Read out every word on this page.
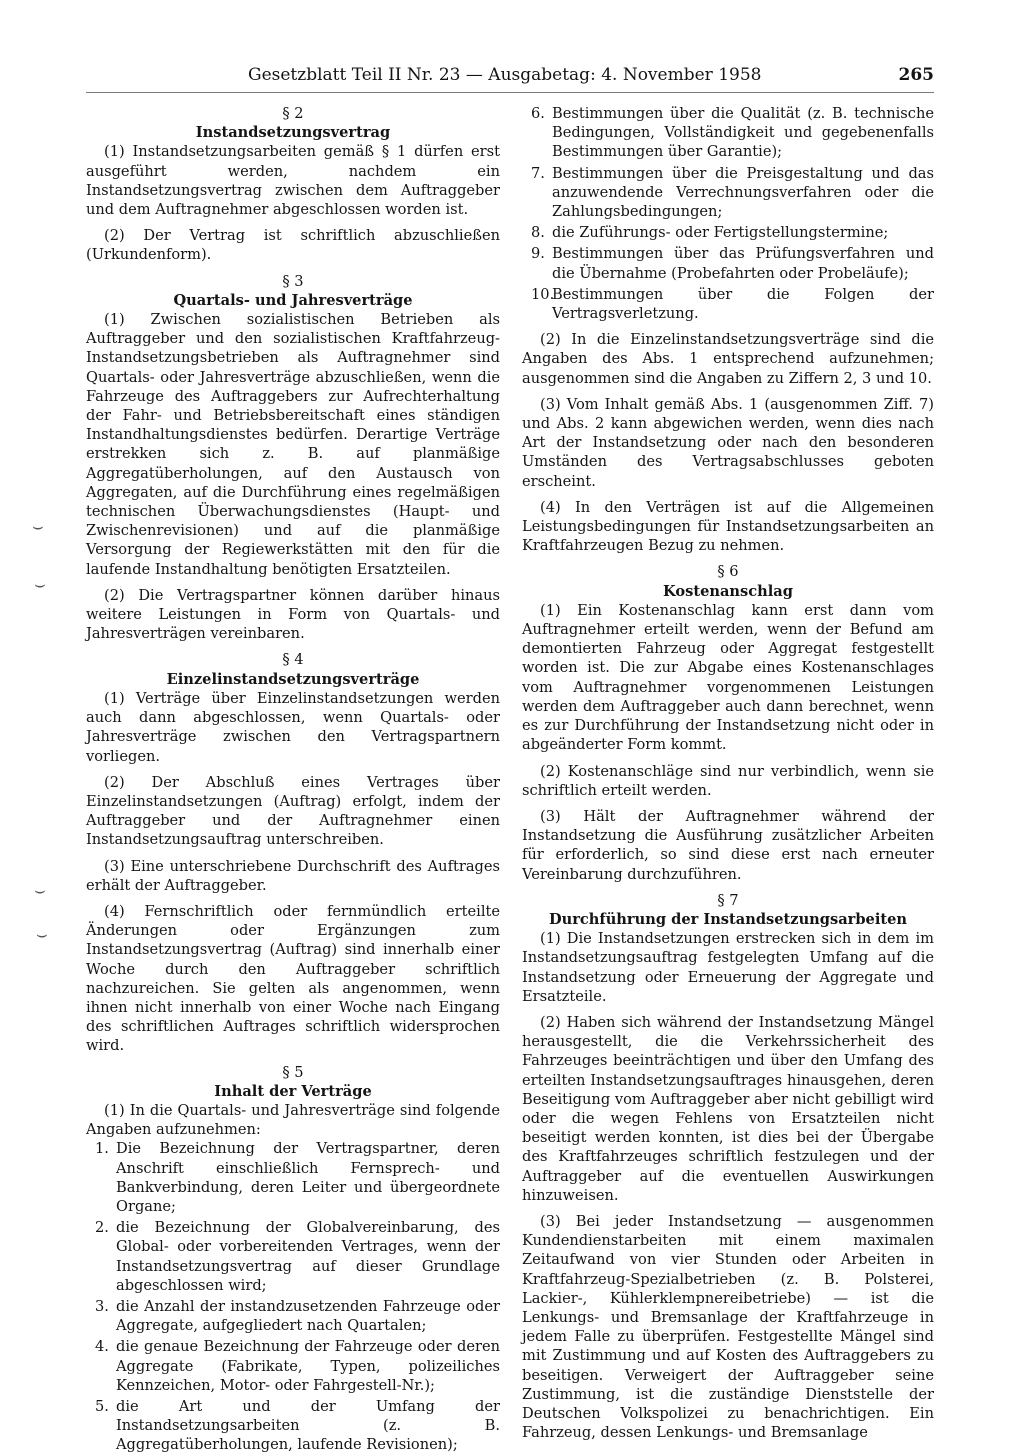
Gesetzblatt Teil II Nr. 23 — Ausgabetag: 4. November 1958	265

§ 2

Instandsetzungsvertrag

(1) Instandsetzungsarbeiten gemäß § 1 dürfen erst ausgeführt werden, nachdem ein Instandsetzungsvertrag zwischen dem Auftraggeber und dem Auftragnehmer abgeschlossen worden ist.

(2) Der Vertrag ist schriftlich abzuschließen (Urkundenform).

§ 3

Quartals- und Jahresverträge

(1) Zwischen sozialistischen Betrieben als Auftraggeber und den sozialistischen Kraftfahrzeug-Instandsetzungsbetrieben als Auftragnehmer sind Quartals- oder Jahresverträge abzuschließen, wenn die Fahrzeuge des Auftraggebers zur Aufrechterhaltung der Fahr- und Betriebsbereitschaft eines ständigen Instandhaltungsdienstes bedürfen. Derartige Verträge erstrekken sich z. B. auf planmäßige Aggregatüberholungen, auf den Austausch von Aggregaten, auf die Durchführung eines regelmäßigen technischen Überwachungsdienstes (Haupt- und Zwischenrevisionen) und auf die planmäßige Versorgung der Regiewerkstätten mit den für die laufende Instandhaltung benötigten Ersatzteilen.

(2) Die Vertragspartner können darüber hinaus weitere Leistungen in Form von Quartals- und Jahresverträgen vereinbaren.

§ 4

Einzelinstandsetzungsverträge

(1) Verträge über Einzelinstandsetzungen werden auch dann abgeschlossen, wenn Quartals- oder Jahresverträge zwischen den Vertragspartnern vorliegen.

(2) Der Abschluß eines Vertrages über Einzelinstandsetzungen (Auftrag) erfolgt, indem der Auftraggeber und der Auftragnehmer einen Instandsetzungsauftrag unterschreiben.

(3) Eine unterschriebene Durchschrift des Auftrages erhält der Auftraggeber.

(4) Fernschriftlich oder fernmündlich erteilte Änderungen oder Ergänzungen zum Instandsetzungsvertrag (Auftrag) sind innerhalb einer Woche durch den Auftraggeber schriftlich nachzureichen. Sie gelten als angenommen, wenn ihnen nicht innerhalb von einer Woche nach Eingang des schriftlichen Auftrages schriftlich widersprochen wird.

§ 5

Inhalt der Verträge

(1) In die Quartals- und Jahresverträge sind folgende Angaben aufzunehmen:

1. Die Bezeichnung der Vertragspartner, deren Anschrift einschließlich Fernsprech- und Bankverbindung, deren Leiter und übergeordnete Organe;
2. die Bezeichnung der Globalvereinbarung, des Global- oder vorbereitenden Vertrages, wenn der Instandsetzungsvertrag auf dieser Grundlage abgeschlossen wird;
3. die Anzahl der instandzusetzenden Fahrzeuge oder Aggregate, aufgegliedert nach Quartalen;
4. die genaue Bezeichnung der Fahrzeuge oder deren Aggregate (Fabrikate, Typen, polizeiliches Kennzeichen, Motor- oder Fahrgestell-Nr.);
5. die Art und der Umfang der Instandsetzungsarbeiten (z. B. Aggregatüberholungen, laufende Revisionen);
6. Bestimmungen über die Qualität (z. B. technische Bedingungen, Vollständigkeit und gegebenenfalls Bestimmungen über Garantie);
7. Bestimmungen über die Preisgestaltung und das anzuwendende Verrechnungsverfahren oder die Zahlungsbedingungen;
8. die Zuführungs- oder Fertigstellungstermine;
9. Bestimmungen über das Prüfungsverfahren und die Übernahme (Probefahrten oder Probeläufe);
10.
Bestimmungen über die Folgen der Vertragsverletzung.

(2) In die Einzelinstandsetzungsverträge sind die Angaben des Abs. 1 entsprechend aufzunehmen; ausgenommen sind die Angaben zu Ziffern 2, 3 und 10.

(3) Vom Inhalt gemäß Abs. 1 (ausgenommen Ziff. 7) und Abs. 2 kann abgewichen werden, wenn dies nach Art der Instandsetzung oder nach den besonderen Umständen des Vertragsabschlusses geboten erscheint.

(4) In den Verträgen ist auf die Allgemeinen Leistungsbedingungen für Instandsetzungsarbeiten an Kraftfahrzeugen Bezug zu nehmen.

§ 6

Kostenanschlag

(1) Ein Kostenanschlag kann erst dann vom Auftragnehmer erteilt werden, wenn der Befund am demontierten Fahrzeug oder Aggregat festgestellt worden ist. Die zur Abgabe eines Kostenanschlages vom Auftragnehmer vorgenommenen Leistungen werden dem Auftraggeber auch dann berechnet, wenn es zur Durchführung der Instandsetzung nicht oder in abgeänderter Form kommt.

(2) Kostenanschläge sind nur verbindlich, wenn sie schriftlich erteilt werden.

(3) Hält der Auftragnehmer während der Instandsetzung die Ausführung zusätzlicher Arbeiten für erforderlich, so sind diese erst nach erneuter Vereinbarung durchzuführen.

§ 7

Durchführung der Instandsetzungsarbeiten

(1) Die Instandsetzungen erstrecken sich in dem im Instandsetzungsauftrag festgelegten Umfang auf die Instandsetzung oder Erneuerung der Aggregate und Ersatzteile.

(2) Haben sich während der Instandsetzung Mängel herausgestellt, die die Verkehrssicherheit des Fahrzeuges beeinträchtigen und über den Umfang des erteilten Instandsetzungsauftrages hinausgehen, deren Beseitigung vom Auftraggeber aber nicht gebilligt wird oder die wegen Fehlens von Ersatzteilen nicht beseitigt werden konnten, ist dies bei der Übergabe des Kraftfahrzeuges schriftlich festzulegen und der Auftraggeber auf die eventuellen Auswirkungen hinzuweisen.

(3) Bei jeder Instandsetzung — ausgenommen Kundendienstarbeiten mit einem maximalen Zeitaufwand von vier Stunden oder Arbeiten in Kraftfahrzeug-Spezialbetrieben (z. B. Polsterei, Lackier-, Kühlerklempnereibetriebe) — ist die Lenkungs- und Bremsanlage der Kraftfahrzeuge in jedem Falle zu überprüfen. Festgestellte Mängel sind mit Zustimmung und auf Kosten des Auftraggebers zu beseitigen. Verweigert der Auftraggeber seine Zustimmung, ist die zuständige Dienststelle der Deutschen Volkspolizei zu benachrichtigen. Ein Fahrzeug, dessen Lenkungs- und Bremsanlage

⌣
⌣
⌣
⌣
